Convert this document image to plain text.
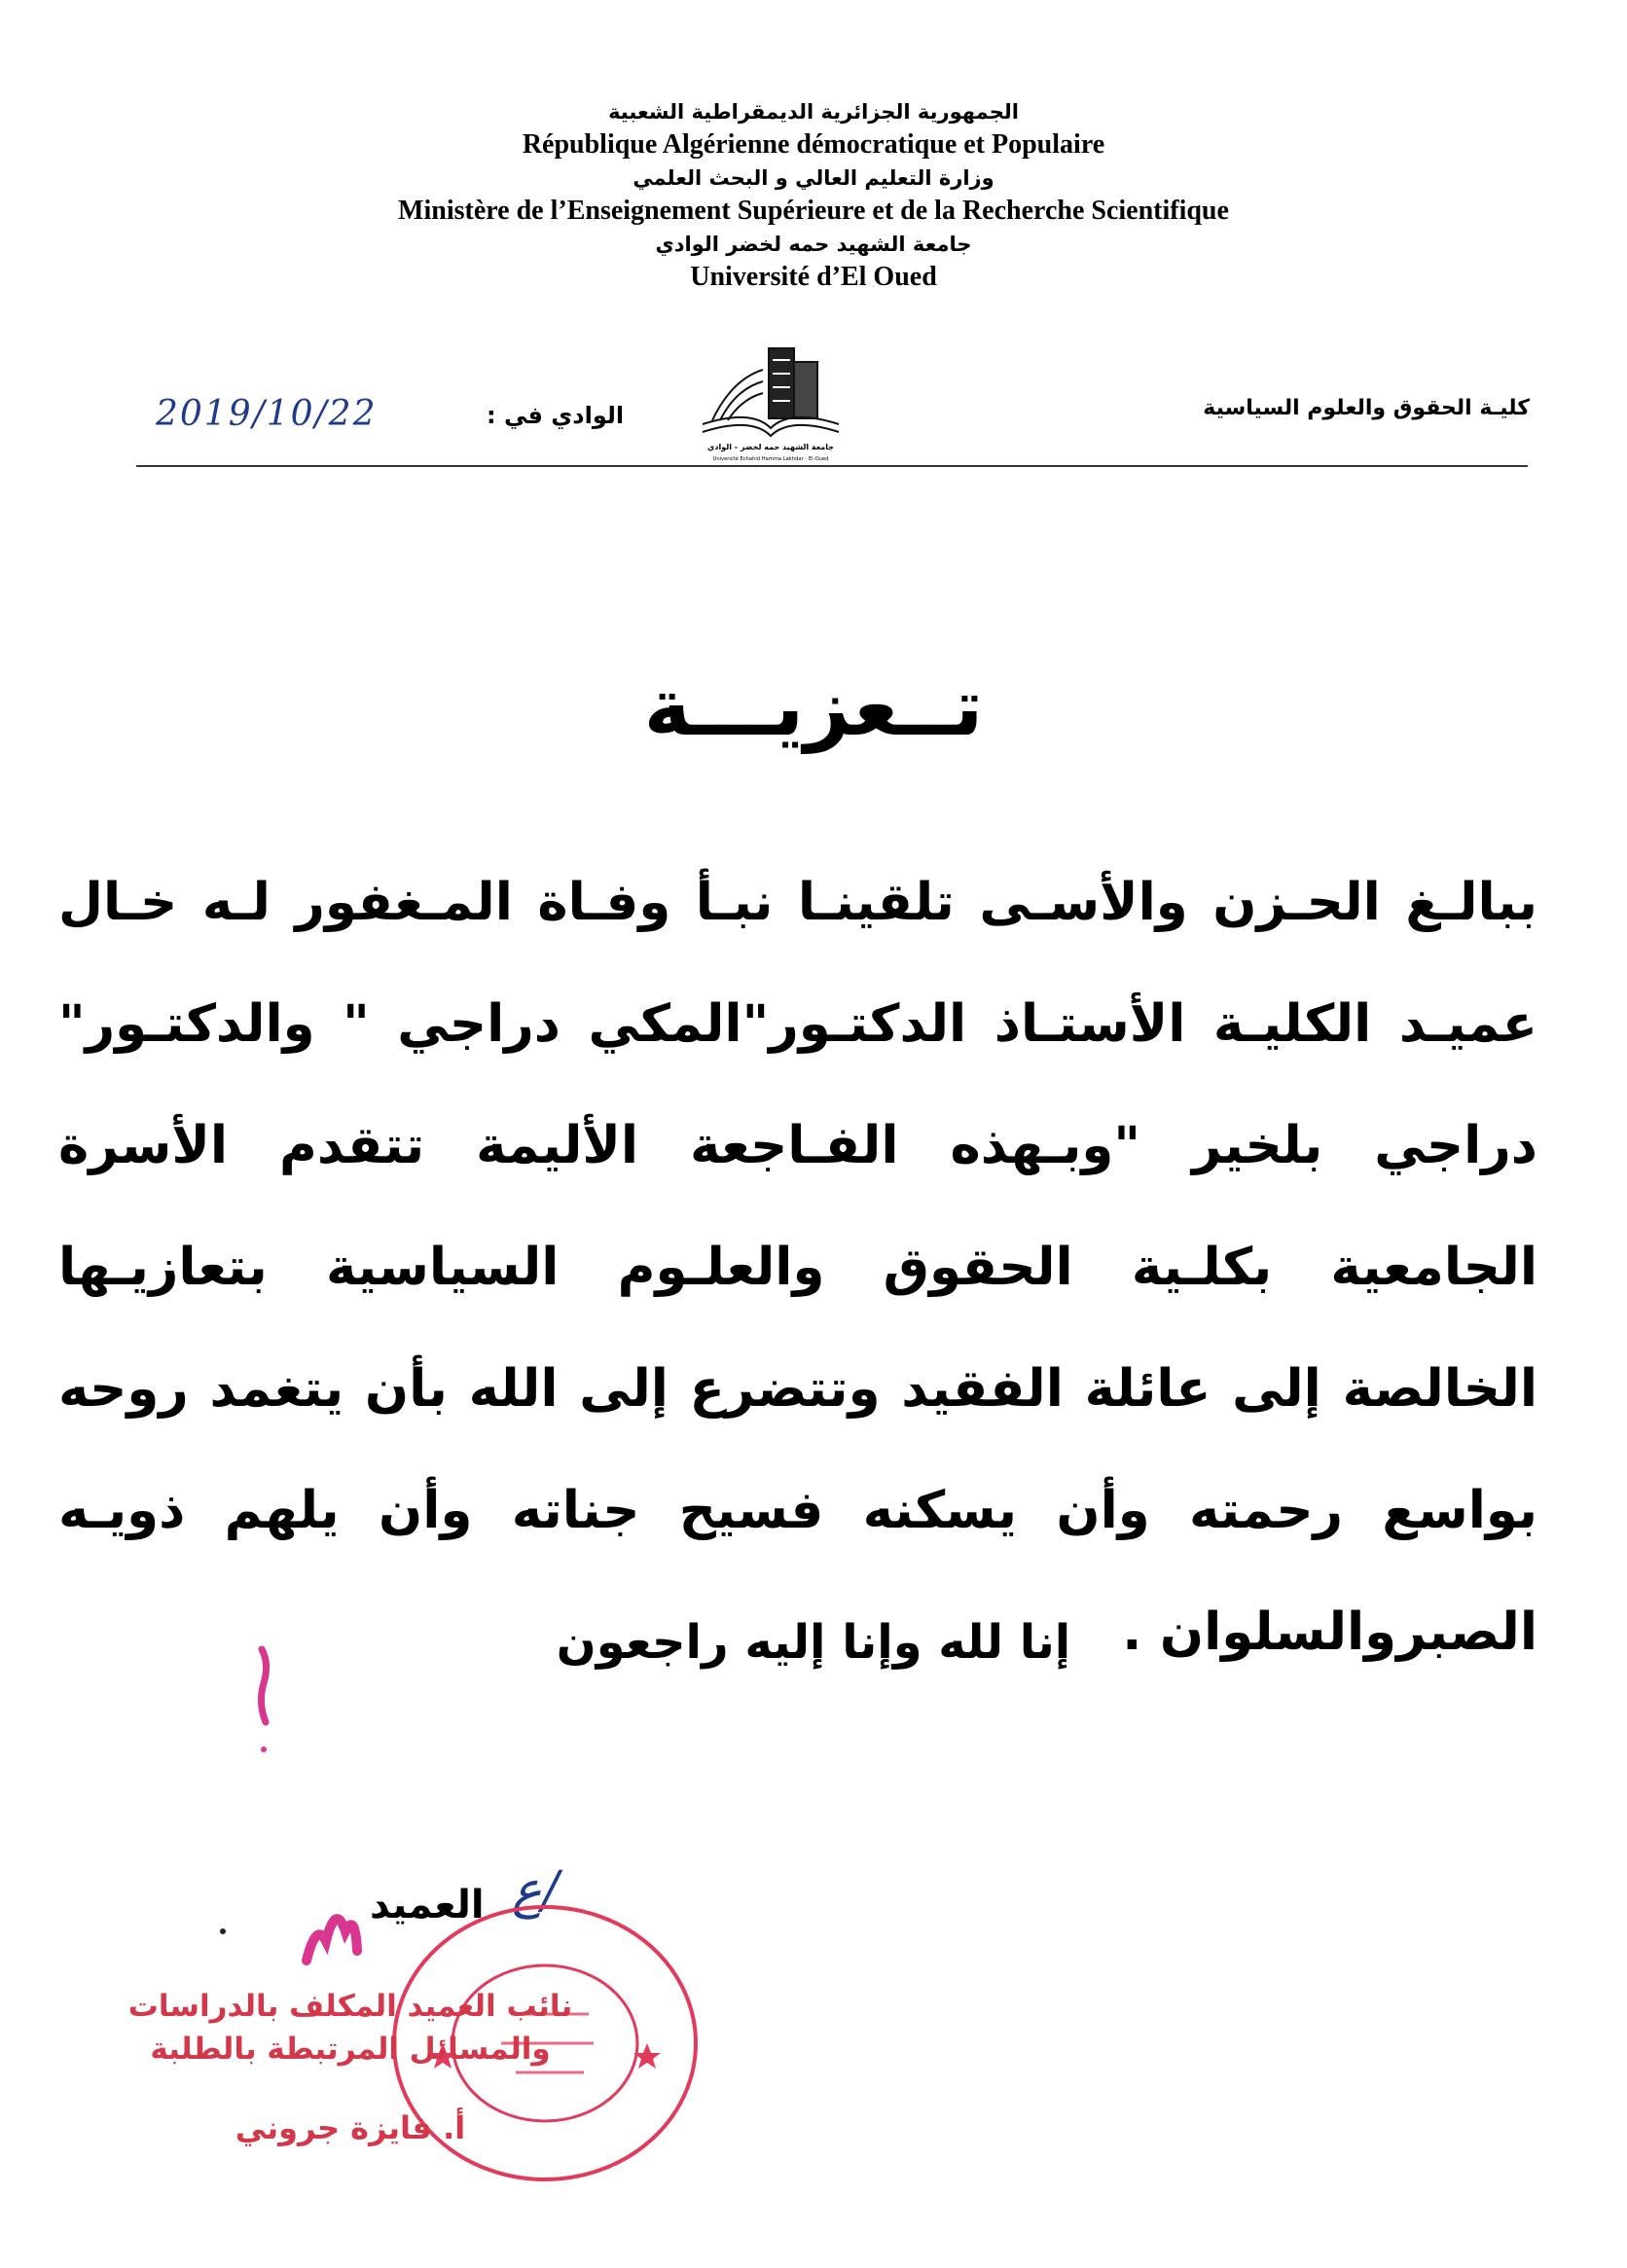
الجمهورية الجزائرية الديمقراطية الشعبية
République Algérienne démocratique et Populaire
وزارة التعليم العالي و البحث العلمي
Ministère de l’Enseignement Supérieure et de la Recherche Scientifique
جامعة الشهيد حمه لخضر الوادي
Université d’El Oued
كليـة الحقوق والعلوم السياسية
الوادي في :
2019/10/22
جامعة الشهيد حمه لخضر - الوادي
Université Echahid Hamma Lakhdar - El-Oued
تــعزيـــة
ببالـغ الحـزن والأسـى تلقينـا نبـأ وفـاة المـغفور لـه خـال عميـد الكليـة الأستـاذ الدكتـور"المكي دراجي " والدكتـور" دراجي بلخير "وبـهذه الفـاجعة الأليمة تتقدم الأسرة الجامعية بكلـية الحقوق والعلـوم السياسية بتعازيـها الخالصة إلى عائلة الفقيد وتتضرع إلى الله بأن يتغمد روحه بواسع رحمته وأن يسكنه فسيح جناته وأن يلهم ذويـه الصبروالسلوان .
إنا لله وإنا إليه راجعون
العميد ع/
نائب العميد المكلف بالدراسات
والمسائل المرتبطة بالطلبة
أ. فايزة جروني
